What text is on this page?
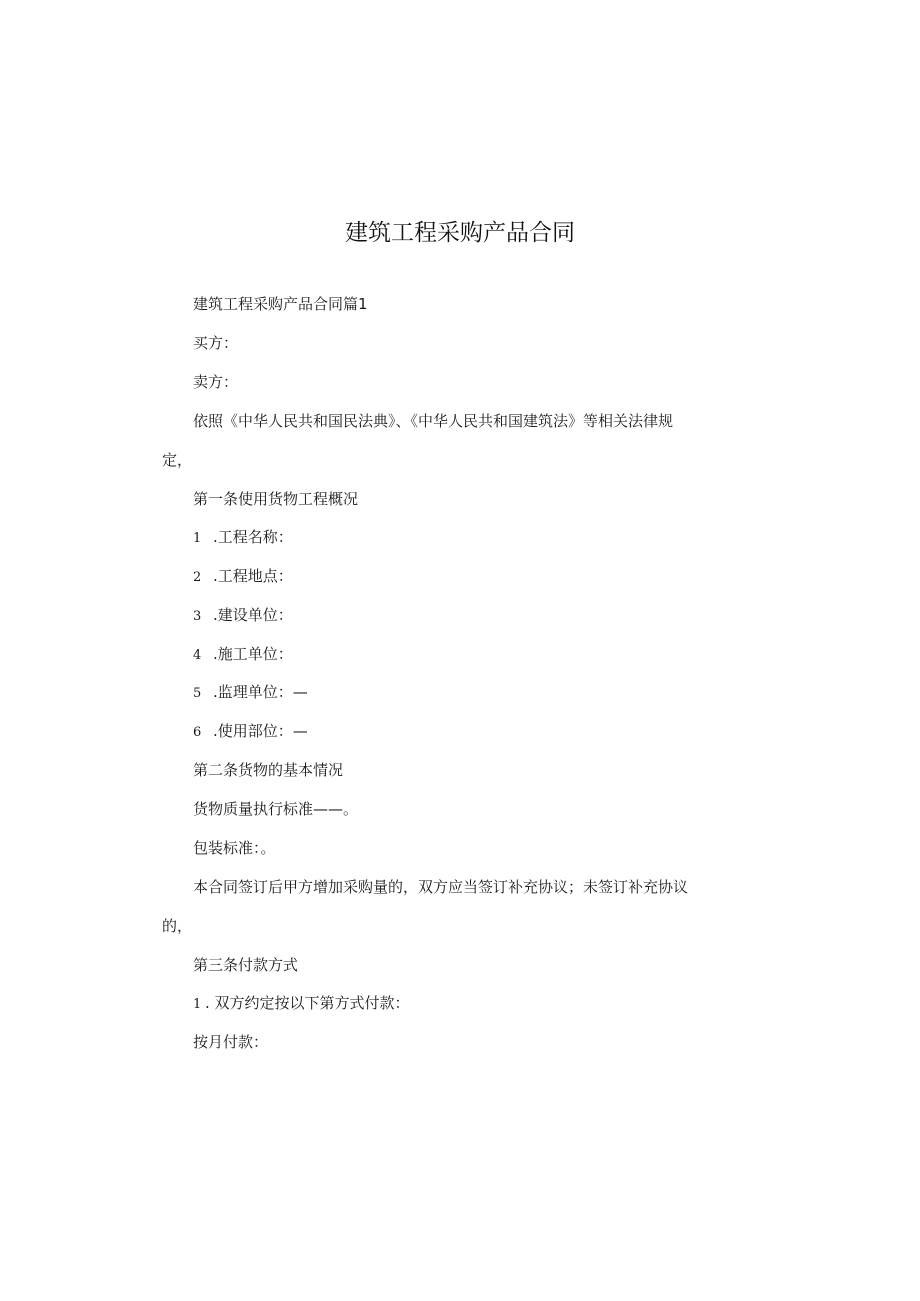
建筑工程采购产品合同
建筑工程采购产品合同篇1
买方：
卖方：
依照《中华人民共和国民法典》、《中华人民共和国建筑法》等相关法律规
定，
第一条使用货物工程概况
1 .工程名称：
2 .工程地点：
3 .建设单位：
4 .施工单位：
5 .监理单位：—
6 .使用部位：—
第二条货物的基本情况
货物质量执行标准——。
包装标准：。
本合同签订后甲方增加采购量的，双方应当签订补充协议；未签订补充协议
的，
第三条付款方式
1 . 双方约定按以下第方式付款：
按月付款：
